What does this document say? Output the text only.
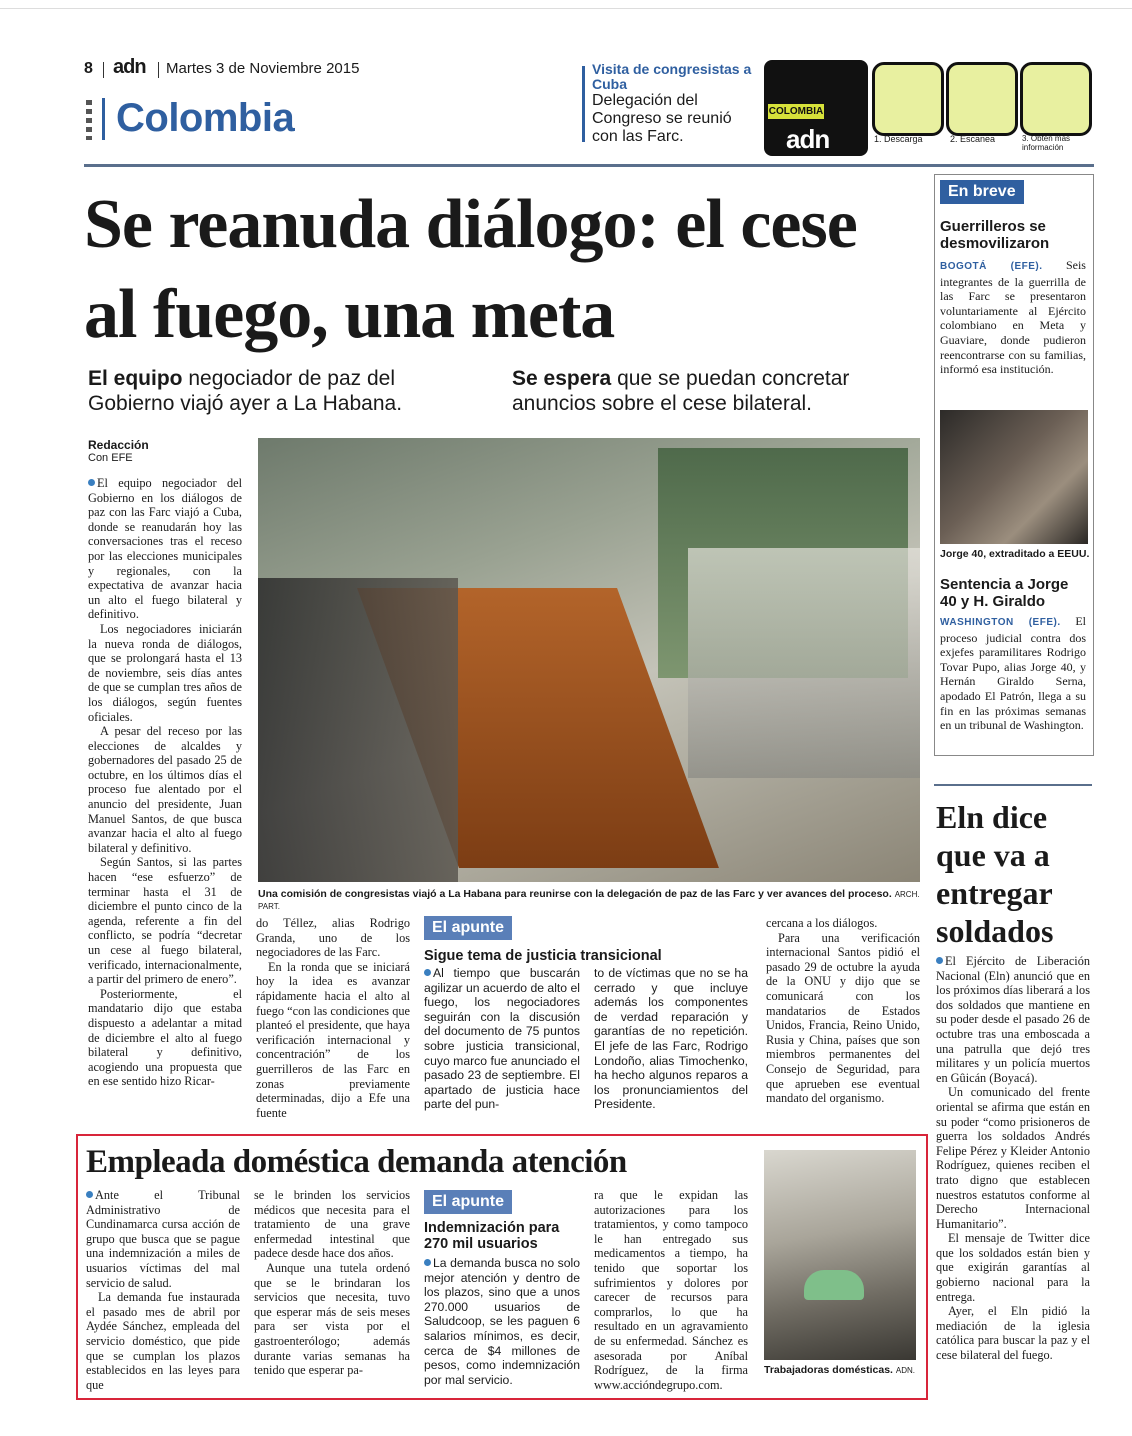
8 adn Martes 3 de Noviembre 2015
Colombia
Visita de congresistas a Cuba
Delegación del Congreso se reunió con las Farc.
COLOMBIA
adn	1. Descarga	2. Escanea	3. Obtén más información
Se reanuda diálogo: el cese al fuego, una meta
El equipo negociador de paz del Gobierno viajó ayer a La Habana.
Se espera que se puedan concretar anuncios sobre el cese bilateral.
Redacción
Con EFE

El equipo negociador del Gobierno en los diálogos de paz con las Farc viajó a Cuba, donde se reanudarán hoy las conversaciones tras el receso por las elecciones municipales y regionales, con la expectativa de avanzar hacia un alto el fuego bilateral y definitivo.

Los negociadores iniciarán la nueva ronda de diálogos, que se prolongará hasta el 13 de noviembre, seis días antes de que se cumplan tres años de los diálogos, según fuentes oficiales.

A pesar del receso por las elecciones de alcaldes y gobernadores del pasado 25 de octubre, en los últimos días el proceso fue alentado por el anuncio del presidente, Juan Manuel Santos, de que busca avanzar hacia el alto al fuego bilateral y definitivo.

Según Santos, si las partes hacen “ese esfuerzo” de terminar hasta el 31 de diciembre el punto cinco de la agenda, referente a fin del conflicto, se podría “decretar un cese al fuego bilateral, verificado, internacionalmente, a partir del primero de enero”.

Posteriormente, el mandatario dijo que estaba dispuesto a adelantar a mitad de diciembre el alto al fuego bilateral y definitivo, acogiendo una propuesta que en ese sentido hizo Ricar-

Una comisión de congresistas viajó a La Habana para reunirse con la delegación de paz de las Farc y ver avances del proceso. ARCH. PART.

do Téllez, alias Rodrigo Granda, uno de los negociadores de las Farc.

En la ronda que se iniciará hoy la idea es avanzar rápidamente hacia el alto al fuego “con las condiciones que planteó el presidente, que haya verificación internacional y concentración” de los guerrilleros de las Farc en zonas previamente determinadas, dijo a Efe una fuente

El apunte
Sigue tema de justicia transicional
Al tiempo que buscarán agilizar un acuerdo de alto el fuego, los negociadores seguirán con la discusión del documento de 75 puntos sobre justicia transicional, cuyo marco fue anunciado el pasado 23 de septiembre. El apartado de justicia hace parte del pun-
to de víctimas que no se ha cerrado y que incluye además los componentes de verdad reparación y garantías de no repetición. El jefe de las Farc, Rodrigo Londoño, alias Timochenko, ha hecho algunos reparos a los pronunciamientos del Presidente.

cercana a los diálogos.

Para una verificación internacional Santos pidió el pasado 29 de octubre la ayuda de la ONU y dijo que se comunicará con los mandatarios de Estados Unidos, Francia, Reino Unido, Rusia y China, países que son miembros permanentes del Consejo de Seguridad, para que aprueben ese eventual mandato del organismo.

En breve
Guerrilleros se desmovilizaron
BOGOTÁ (EFE). Seis integrantes de la guerrilla de las Farc se presentaron voluntariamente al Ejército colombiano en Meta y Guaviare, donde pudieron reencontrarse con su familias, informó esa institución.
Jorge 40, extraditado a EEUU.
Sentencia a Jorge 40 y H. Giraldo
WASHINGTON (EFE). El proceso judicial contra dos exjefes paramilitares Rodrigo Tovar Pupo, alias Jorge 40, y Hernán Giraldo Serna, apodado El Patrón, llega a su fin en las próximas semanas en un tribunal de Washington.
Eln dice que va a entregar soldados

El Ejército de Liberación Nacional (Eln) anunció que en los próximos días liberará a los dos soldados que mantiene en su poder desde el pasado 26 de octubre tras una emboscada a una patrulla que dejó tres militares y un policía muertos en Gûicán (Boyacá).

Un comunicado del frente oriental se afirma que están en su poder “como prisioneros de guerra los soldados Andrés Felipe Pérez y Kleider Antonio Rodríguez, quienes reciben el trato digno que establecen nuestros estatutos conforme al Derecho Internacional Humanitario”.

El mensaje de Twitter dice que los soldados están bien y que exigirán garantías al gobierno nacional para la entrega.

Ayer, el Eln pidió la mediación de la iglesia católica para buscar la paz y el cese bilateral del fuego.

Empleada doméstica demanda atención

Ante el Tribunal Administrativo de Cundinamarca cursa acción de grupo que busca que se pague una indemnización a miles de usuarios víctimas del mal servicio de salud.

La demanda fue instaurada el pasado mes de abril por Aydée Sánchez, empleada del servicio doméstico, que pide que se cumplan los plazos establecidos en las leyes para que

se le brinden los servicios médicos que necesita para el tratamiento de una grave enfermedad intestinal que padece desde hace dos años.

Aunque una tutela ordenó que se le brindaran los servicios que necesita, tuvo que esperar más de seis meses para ser vista por el gastroenterólogo; además durante varias semanas ha tenido que esperar pa-

El apunte
Indemnización para 270 mil usuarios
La demanda busca no solo mejor atención y dentro de los plazos, sino que a unos 270.000 usuarios de Saludcoop, se les paguen 6 salarios mínimos, es decir, cerca de $4 millones de pesos, como indemnización por mal servicio.
ra que le expidan las autorizaciones para los tratamientos, y como tampoco le han entregado sus medicamentos a tiempo, ha tenido que soportar los sufrimientos y dolores por carecer de recursos para comprarlos, lo que ha resultado en un agravamiento de su enfermedad. Sánchez es asesorada por Aníbal Rodríguez, de la firma www.accióndegrupo.com.
Trabajadoras domésticas. ADN.
